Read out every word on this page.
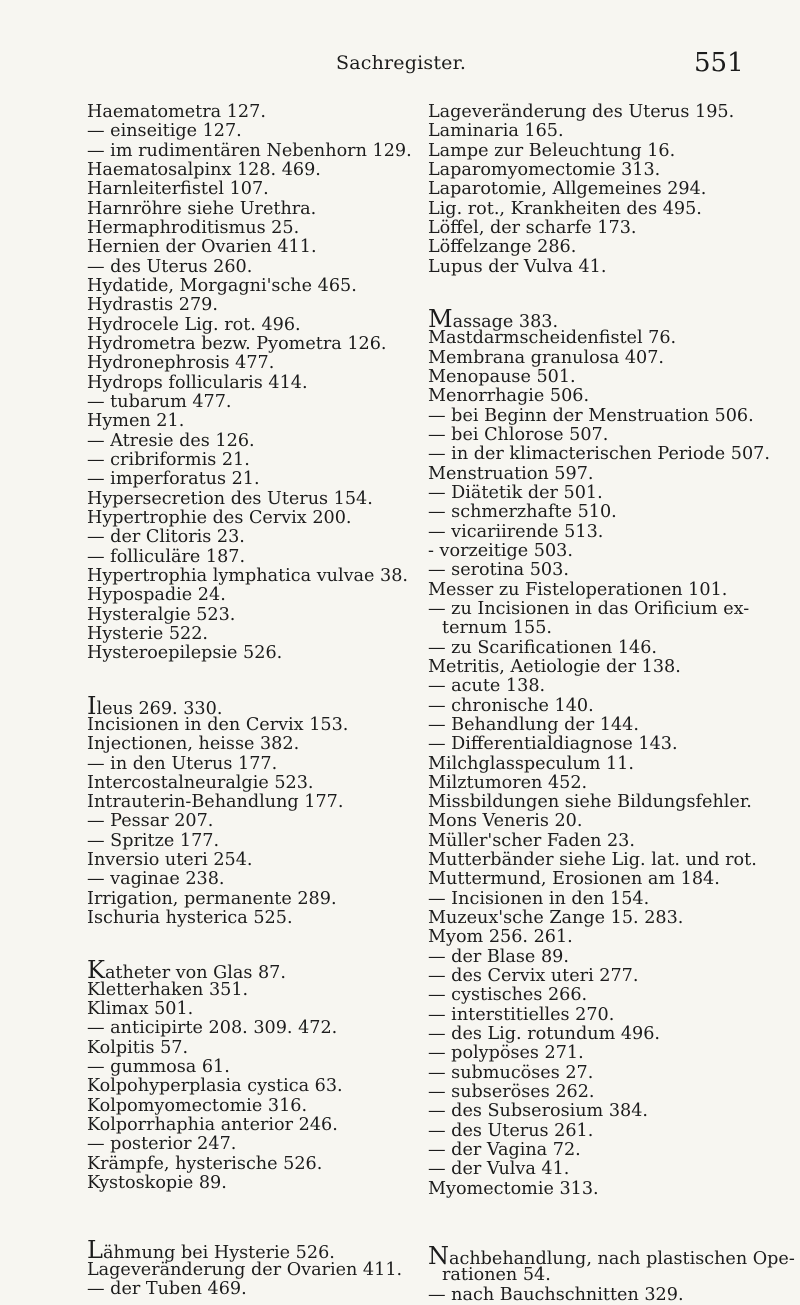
Sachregister.	551
Haematometra 127.
— einseitige 127.
— im rudimentären Nebenhorn 129.
Haematosalpinx 128. 469.
Harnleiterfistel 107.
Harnröhre siehe Urethra.
Hermaphroditismus 25.
Hernien der Ovarien 411.
— des Uterus 260.
Hydatide, Morgagni'sche 465.
Hydrastis 279.
Hydrocele Lig. rot. 496.
Hydrometra bezw. Pyometra 126.
Hydronephrosis 477.
Hydrops follicularis 414.
— tubarum 477.
Hymen 21.
— Atresie des 126.
— cribriformis 21.
— imperforatus 21.
Hypersecretion des Uterus 154.
Hypertrophie des Cervix 200.
— der Clitoris 23.
— folliculäre 187.
Hypertrophia lymphatica vulvae 38.
Hypospadie 24.
Hysteralgie 523.
Hysterie 522.
Hysteroepilepsie 526.
Ileus 269. 330.
Incisionen in den Cervix 153.
Injectionen, heisse 382.
— in den Uterus 177.
Intercostalneuralgie 523.
Intrauterin-Behandlung 177.
— Pessar 207.
— Spritze 177.
Inversio uteri 254.
— vaginae 238.
Irrigation, permanente 289.
Ischuria hysterica 525.
Katheter von Glas 87.
Kletterhaken 351.
Klimax 501.
— anticipirte 208. 309. 472.
Kolpitis 57.
— gummosa 61.
Kolpohyperplasia cystica 63.
Kolpomyomectomie 316.
Kolporrhaphia anterior 246.
— posterior 247.
Krämpfe, hysterische 526.
Kystoskopie 89.
Lähmung bei Hysterie 526.
Lageveränderung der Ovarien 411.
— der Tuben 469.
Lageveränderung des Uterus 195.
Laminaria 165.
Lampe zur Beleuchtung 16.
Laparomyomectomie 313.
Laparotomie, Allgemeines 294.
Lig. rot., Krankheiten des 495.
Löffel, der scharfe 173.
Löffelzange 286.
Lupus der Vulva 41.
Massage 383.
Mastdarmscheidenfistel 76.
Membrana granulosa 407.
Menopause 501.
Menorrhagie 506.
— bei Beginn der Menstruation 506.
— bei Chlorose 507.
— in der klimacterischen Periode 507.
Menstruation 597.
— Diätetik der 501.
— schmerzhafte 510.
— vicariirende 513.
- vorzeitige 503.
— serotina 503.
Messer zu Fisteloperationen 101.
— zu Incisionen in das Orificium ex-
ternum 155.
— zu Scarificationen 146.
Metritis, Aetiologie der 138.
— acute 138.
— chronische 140.
— Behandlung der 144.
— Differentialdiagnose 143.
Milchglasspeculum 11.
Milztumoren 452.
Missbildungen siehe Bildungsfehler.
Mons Veneris 20.
Müller'scher Faden 23.
Mutterbänder siehe Lig. lat. und rot.
Muttermund, Erosionen am 184.
— Incisionen in den 154.
Muzeux'sche Zange 15. 283.
Myom 256. 261.
— der Blase 89.
— des Cervix uteri 277.
— cystisches 266.
— interstitielles 270.
— des Lig. rotundum 496.
— polypöses 271.
— submucöses 27.
— subseröses 262.
— des Subserosium 384.
— des Uterus 261.
— der Vagina 72.
— der Vulva 41.
Myomectomie 313.
Nachbehandlung, nach plastischen Ope-
rationen 54.
— nach Bauchschnitten 329.
